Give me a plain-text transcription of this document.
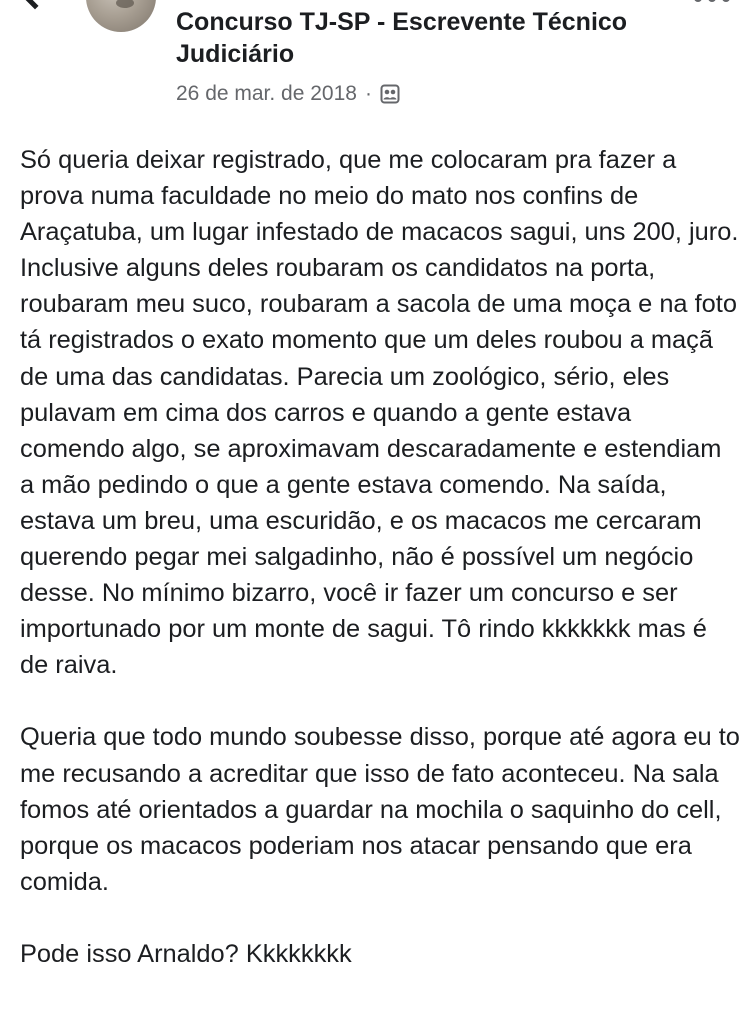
Concurso TJ-SP - Escrevente Técnico Judiciário
26 de mar. de 2018 ·

Só queria deixar registrado, que me colocaram pra fazer a prova numa faculdade no meio do mato nos confins de Araçatuba, um lugar infestado de macacos sagui, uns 200, juro. Inclusive alguns deles roubaram os candidatos na porta, roubaram meu suco, roubaram a sacola de uma moça e na foto tá registrados o exato momento que um deles roubou a maçã de uma das candidatas. Parecia um zoológico, sério, eles pulavam em cima dos carros e quando a gente estava comendo algo, se aproximavam descaradamente e estendiam a mão pedindo o que a gente estava comendo. Na saída, estava um breu, uma escuridão, e os macacos me cercaram querendo pegar mei salgadinho, não é possível um negócio desse. No mínimo bizarro, você ir fazer um concurso e ser importunado por um monte de sagui. Tô rindo kkkkkkk mas é de raiva.

Queria que todo mundo soubesse disso, porque até agora eu to me recusando a acreditar que isso de fato aconteceu. Na sala fomos até orientados a guardar na mochila o saquinho do cell, porque os macacos poderiam nos atacar pensando que era comida.

Pode isso Arnaldo? Kkkkkkkk
